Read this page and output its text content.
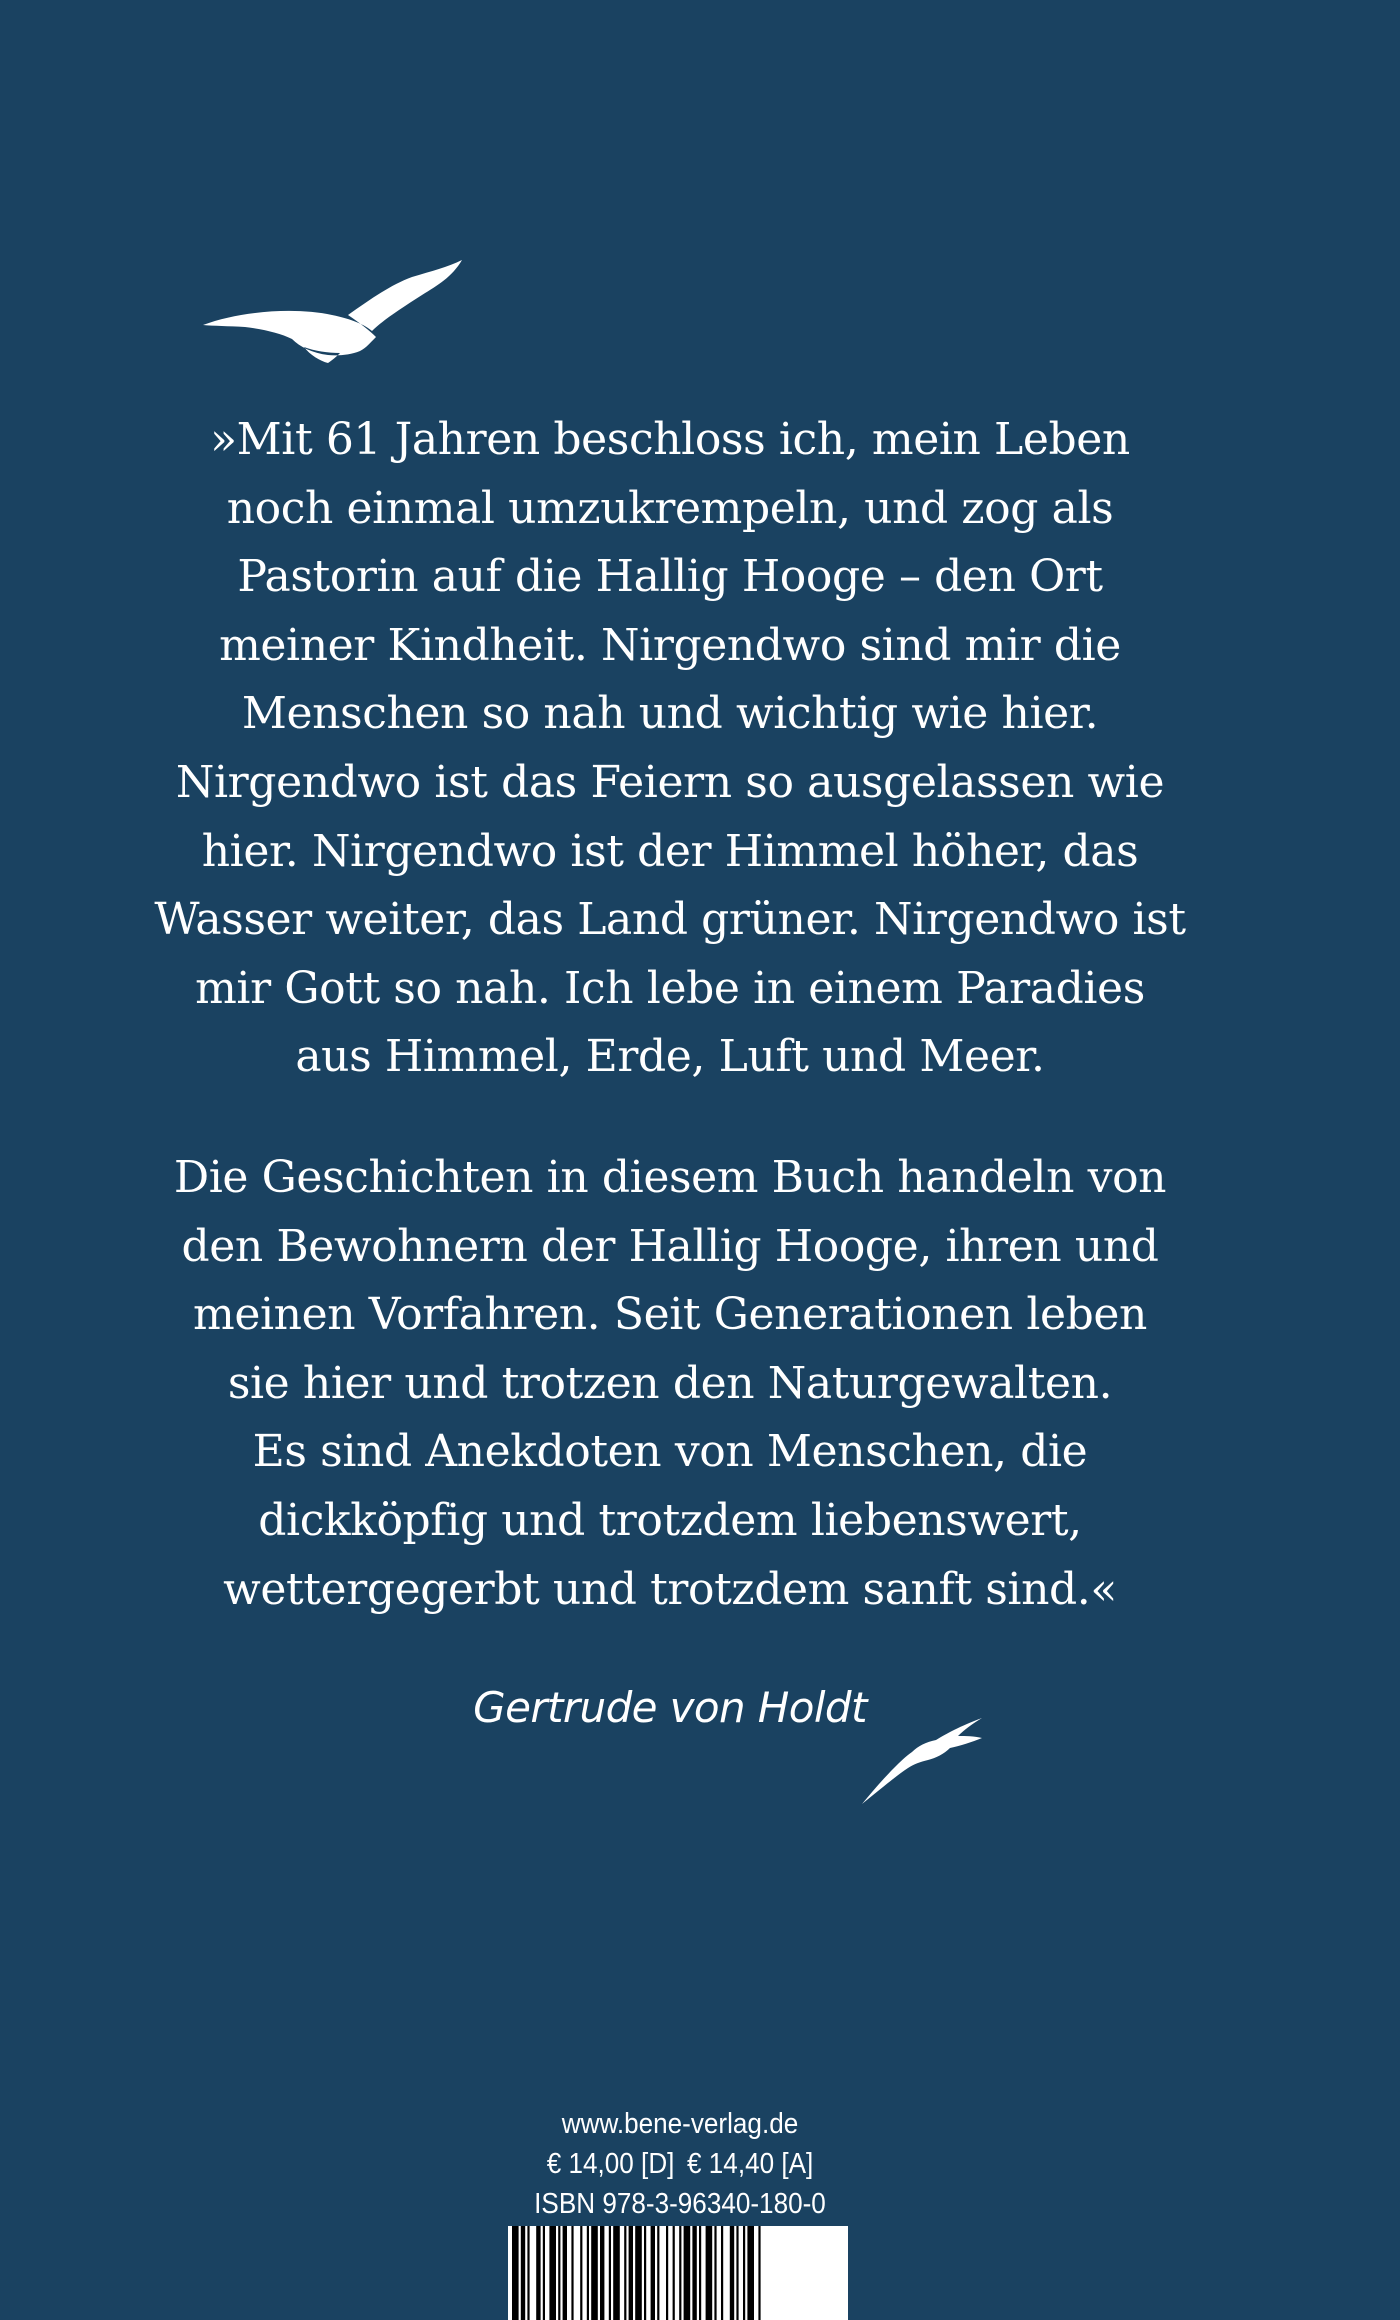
»Mit 61 Jahren beschloss ich, mein Leben
noch einmal umzukrempeln, und zog als
Pastorin auf die Hallig Hooge – den Ort
meiner Kindheit. Nirgendwo sind mir die
Menschen so nah und wichtig wie hier.
Nirgendwo ist das Feiern so ausgelassen wie
hier. Nirgendwo ist der Himmel höher, das
Wasser weiter, das Land grüner. Nirgendwo ist
mir Gott so nah. Ich lebe in einem Paradies
aus Himmel, Erde, Luft und Meer.
Die Geschichten in diesem Buch handeln von
den Bewohnern der Hallig Hooge, ihren und
meinen Vorfahren. Seit Generationen leben
sie hier und trotzen den Naturgewalten.
Es sind Anekdoten von Menschen, die
dickköpfig und trotzdem liebenswert,
wettergegerbt und trotzdem sanft sind.«
Gertrude von Holdt
www.bene-verlag.de
€ 14,00 [D] € 14,40 [A]
ISBN 978-3-96340-180-0
